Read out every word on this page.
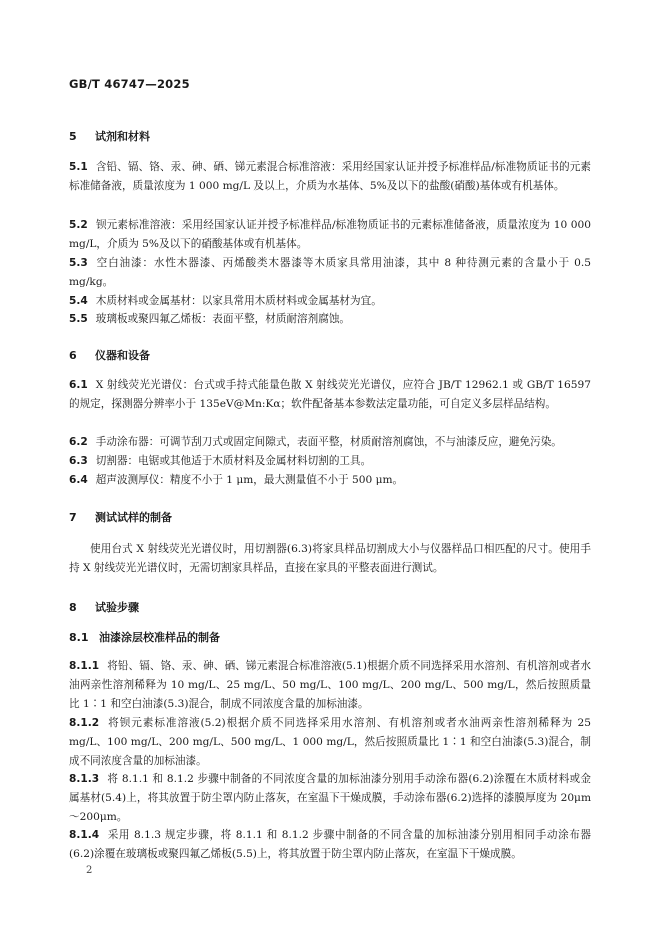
GB/T 46747—2025
5 试剂和材料
5.1 含铅、镉、铬、汞、砷、硒、锑元素混合标准溶液：采用经国家认证并授予标准样品/标准物质证书的元素标准储备液，质量浓度为 1 000 mg/L 及以上，介质为水基体、5%及以下的盐酸(硝酸)基体或有机基体。
5.2 钡元素标准溶液：采用经国家认证并授予标准样品/标准物质证书的元素标准储备液，质量浓度为 10 000 mg/L，介质为 5%及以下的硝酸基体或有机基体。
5.3 空白油漆：水性木器漆、丙烯酸类木器漆等木质家具常用油漆，其中 8 种待测元素的含量小于 0.5 mg/kg。
5.4 木质材料或金属基材：以家具常用木质材料或金属基材为宜。
5.5 玻璃板或聚四氟乙烯板：表面平整，材质耐溶剂腐蚀。
6 仪器和设备
6.1 X 射线荧光光谱仪：台式或手持式能量色散 X 射线荧光光谱仪，应符合 JB/T 12962.1 或 GB/T 16597 的规定，探测器分辨率小于 135eV@Mn:Kα；软件配备基本参数法定量功能，可自定义多层样品结构。
6.2 手动涂布器：可调节刮刀式或固定间隙式，表面平整，材质耐溶剂腐蚀，不与油漆反应，避免污染。
6.3 切割器：电锯或其他适于木质材料及金属材料切割的工具。
6.4 超声波测厚仪：精度不小于 1 μm，最大测量值不小于 500 μm。
7 测试试样的制备
使用台式 X 射线荧光光谱仪时，用切割器(6.3)将家具样品切割成大小与仪器样品口相匹配的尺寸。使用手持 X 射线荧光光谱仪时，无需切割家具样品，直接在家具的平整表面进行测试。
8 试验步骤
8.1 油漆涂层校准样品的制备
8.1.1 将铅、镉、铬、汞、砷、硒、锑元素混合标准溶液(5.1)根据介质不同选择采用水溶剂、有机溶剂或者水油两亲性溶剂稀释为 10 mg/L、25 mg/L、50 mg/L、100 mg/L、200 mg/L、500 mg/L，然后按照质量比 1∶1 和空白油漆(5.3)混合，制成不同浓度含量的加标油漆。
8.1.2 将钡元素标准溶液(5.2)根据介质不同选择采用水溶剂、有机溶剂或者水油两亲性溶剂稀释为 25 mg/L、100 mg/L、200 mg/L、500 mg/L、1 000 mg/L，然后按照质量比 1∶1 和空白油漆(5.3)混合，制成不同浓度含量的加标油漆。
8.1.3 将 8.1.1 和 8.1.2 步骤中制备的不同浓度含量的加标油漆分别用手动涂布器(6.2)涂覆在木质材料或金属基材(5.4)上，将其放置于防尘罩内防止落灰，在室温下干燥成膜，手动涂布器(6.2)选择的漆膜厚度为 20μm～200μm。
8.1.4 采用 8.1.3 规定步骤，将 8.1.1 和 8.1.2 步骤中制备的不同含量的加标油漆分别用相同手动涂布器(6.2)涂覆在玻璃板或聚四氟乙烯板(5.5)上，将其放置于防尘罩内防止落灰，在室温下干燥成膜。
2
